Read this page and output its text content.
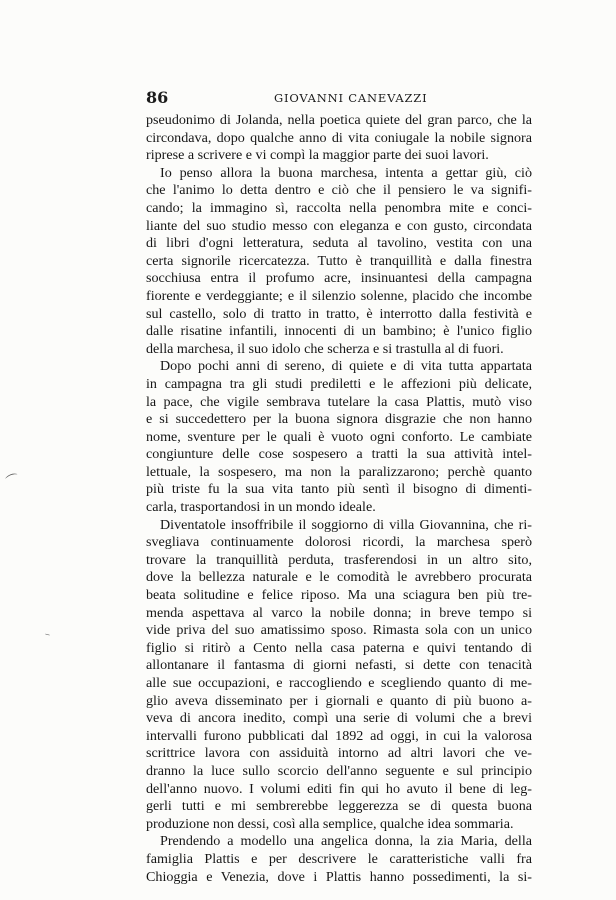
86	GIOVANNI CANEVAZZI
pseudonimo di Jolanda, nella poetica quiete del gran parco, che la
circondava, dopo qualche anno di vita coniugale la nobile signora
riprese a scrivere e vi compì la maggior parte dei suoi lavori.
Io penso allora la buona marchesa, intenta a gettar giù, ciò
che l'animo lo detta dentro e ciò che il pensiero le va signifi-
cando; la immagino sì, raccolta nella penombra mite e conci-
liante del suo studio messo con eleganza e con gusto, circondata
di libri d'ogni letteratura, seduta al tavolino, vestita con una
certa signorile ricercatezza. Tutto è tranquillità e dalla finestra
socchiusa entra il profumo acre, insinuantesi della campagna
fiorente e verdeggiante; e il silenzio solenne, placido che incombe
sul castello, solo di tratto in tratto, è interrotto dalla festività e
dalle risatine infantili, innocenti di un bambino; è l'unico figlio
della marchesa, il suo idolo che scherza e si trastulla al di fuori.
Dopo pochi anni di sereno, di quiete e di vita tutta appartata
in campagna tra gli studi prediletti e le affezioni più delicate,
la pace, che vigile sembrava tutelare la casa Plattis, mutò viso
e si succedettero per la buona signora disgrazie che non hanno
nome, sventure per le quali è vuoto ogni conforto. Le cambiate
congiunture delle cose sospesero a tratti la sua attività intel-
lettuale, la sospesero, ma non la paralizzarono; perchè quanto
più triste fu la sua vita tanto più sentì il bisogno di dimenti-
carla, trasportandosi in un mondo ideale.
Diventatole insoffribile il soggiorno di villa Giovannina, che ri-
svegliava continuamente dolorosi ricordi, la marchesa sperò
trovare la tranquillità perduta, trasferendosi in un altro sito,
dove la bellezza naturale e le comodità le avrebbero procurata
beata solitudine e felice riposo. Ma una sciagura ben più tre-
menda aspettava al varco la nobile donna; in breve tempo si
vide priva del suo amatissimo sposo. Rimasta sola con un unico
figlio si ritirò a Cento nella casa paterna e quivi tentando di
allontanare il fantasma di giorni nefasti, si dette con tenacità
alle sue occupazioni, e raccogliendo e scegliendo quanto di me-
glio aveva disseminato per i giornali e quanto di più buono a-
veva di ancora inedito, compì una serie di volumi che a brevi
intervalli furono pubblicati dal 1892 ad oggi, in cui la valorosa
scrittrice lavora con assiduità intorno ad altri lavori che ve-
dranno la luce sullo scorcio dell'anno seguente e sul principio
dell'anno nuovo. I volumi editi fin qui ho avuto il bene di leg-
gerli tutti e mi sembrerebbe leggerezza se di questa buona
produzione non dessi, così alla semplice, qualche idea sommaria.
Prendendo a modello una angelica donna, la zia Maria, della
famiglia Plattis e per descrivere le caratteristiche valli fra
Chioggia e Venezia, dove i Plattis hanno possedimenti, la si-
⌒
⁻
